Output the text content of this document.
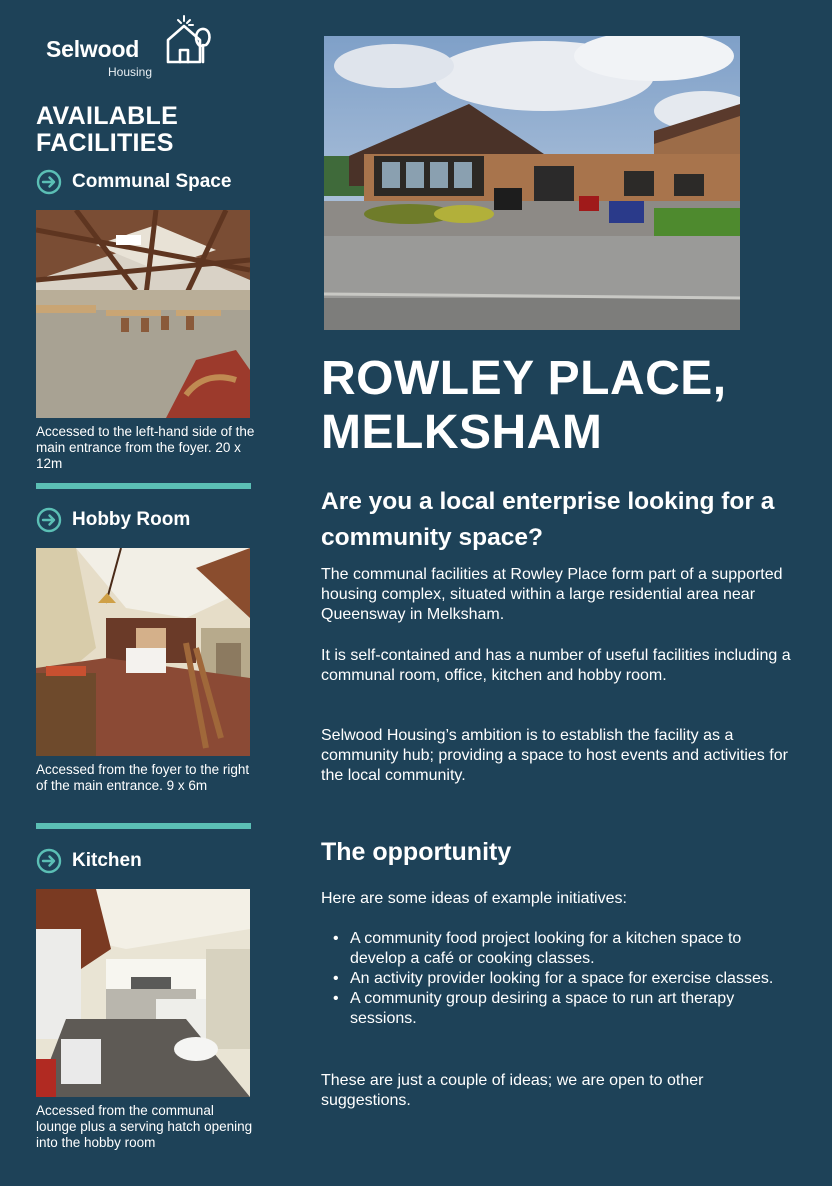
Selwood
Housing
AVAILABLE FACILITIES
Communal Space
Accessed to the left-hand side of the main entrance from the foyer. 20 x 12m
Hobby Room
Accessed from the foyer to the right of the main entrance. 9 x 6m
Kitchen
Accessed from the communal lounge plus a serving hatch opening into the hobby room
ROWLEY PLACE, MELKSHAM
Are you a local enterprise looking for a community space?

The communal facilities at Rowley Place form part of a supported housing complex, situated within a large residential area near Queensway in Melksham.

It is self-contained and has a number of useful facilities including a communal room, office, kitchen and hobby room.

Selwood Housing’s ambition is to establish the facility as a community hub; providing a space to host events and activities for the local community.

The opportunity

Here are some ideas of example initiatives:

• A community food project looking for a kitchen space to develop a café or cooking classes.
• An activity provider looking for a space for exercise classes.
• A community group desiring a space to run art therapy sessions.

These are just a couple of ideas; we are open to other suggestions.
